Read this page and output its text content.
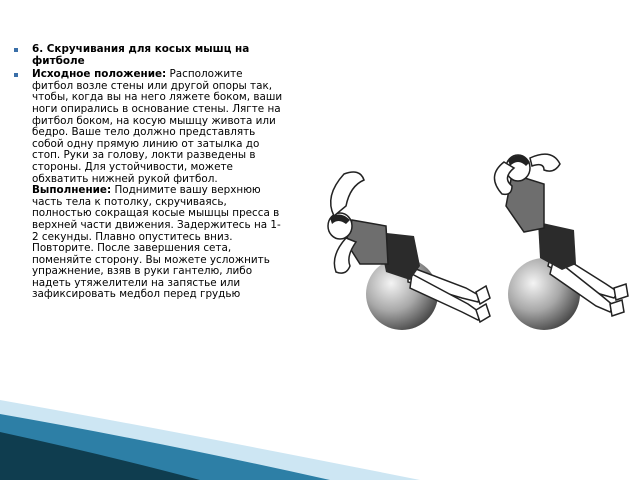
6. Скручивания для косых мышц на фитболе
Исходное положение: Расположите фитбол возле стены или другой опоры так, чтобы, когда вы на него ляжете боком, ваши ноги опирались в основание стены. Лягте на фитбол боком, на косую мышцу живота или бедро. Ваше тело должно представлять собой одну прямую линию от затылка до стоп. Руки за голову, локти разведены в стороны. Для устойчивости, можете обхватить нижней рукой фитбол. Выполнение: Поднимите вашу верхнюю часть тела к потолку, скручиваясь, полностью сокращая косые мышцы пресса в верхней части движения. Задержитесь на 1-2 секунды. Плавно опуститесь вниз. Повторите. После завершения сета, поменяйте сторону. Вы можете усложнить упражнение, взяв в руки гантелю, либо надеть утяжелители на запястье или зафиксировать медбол перед грудью
